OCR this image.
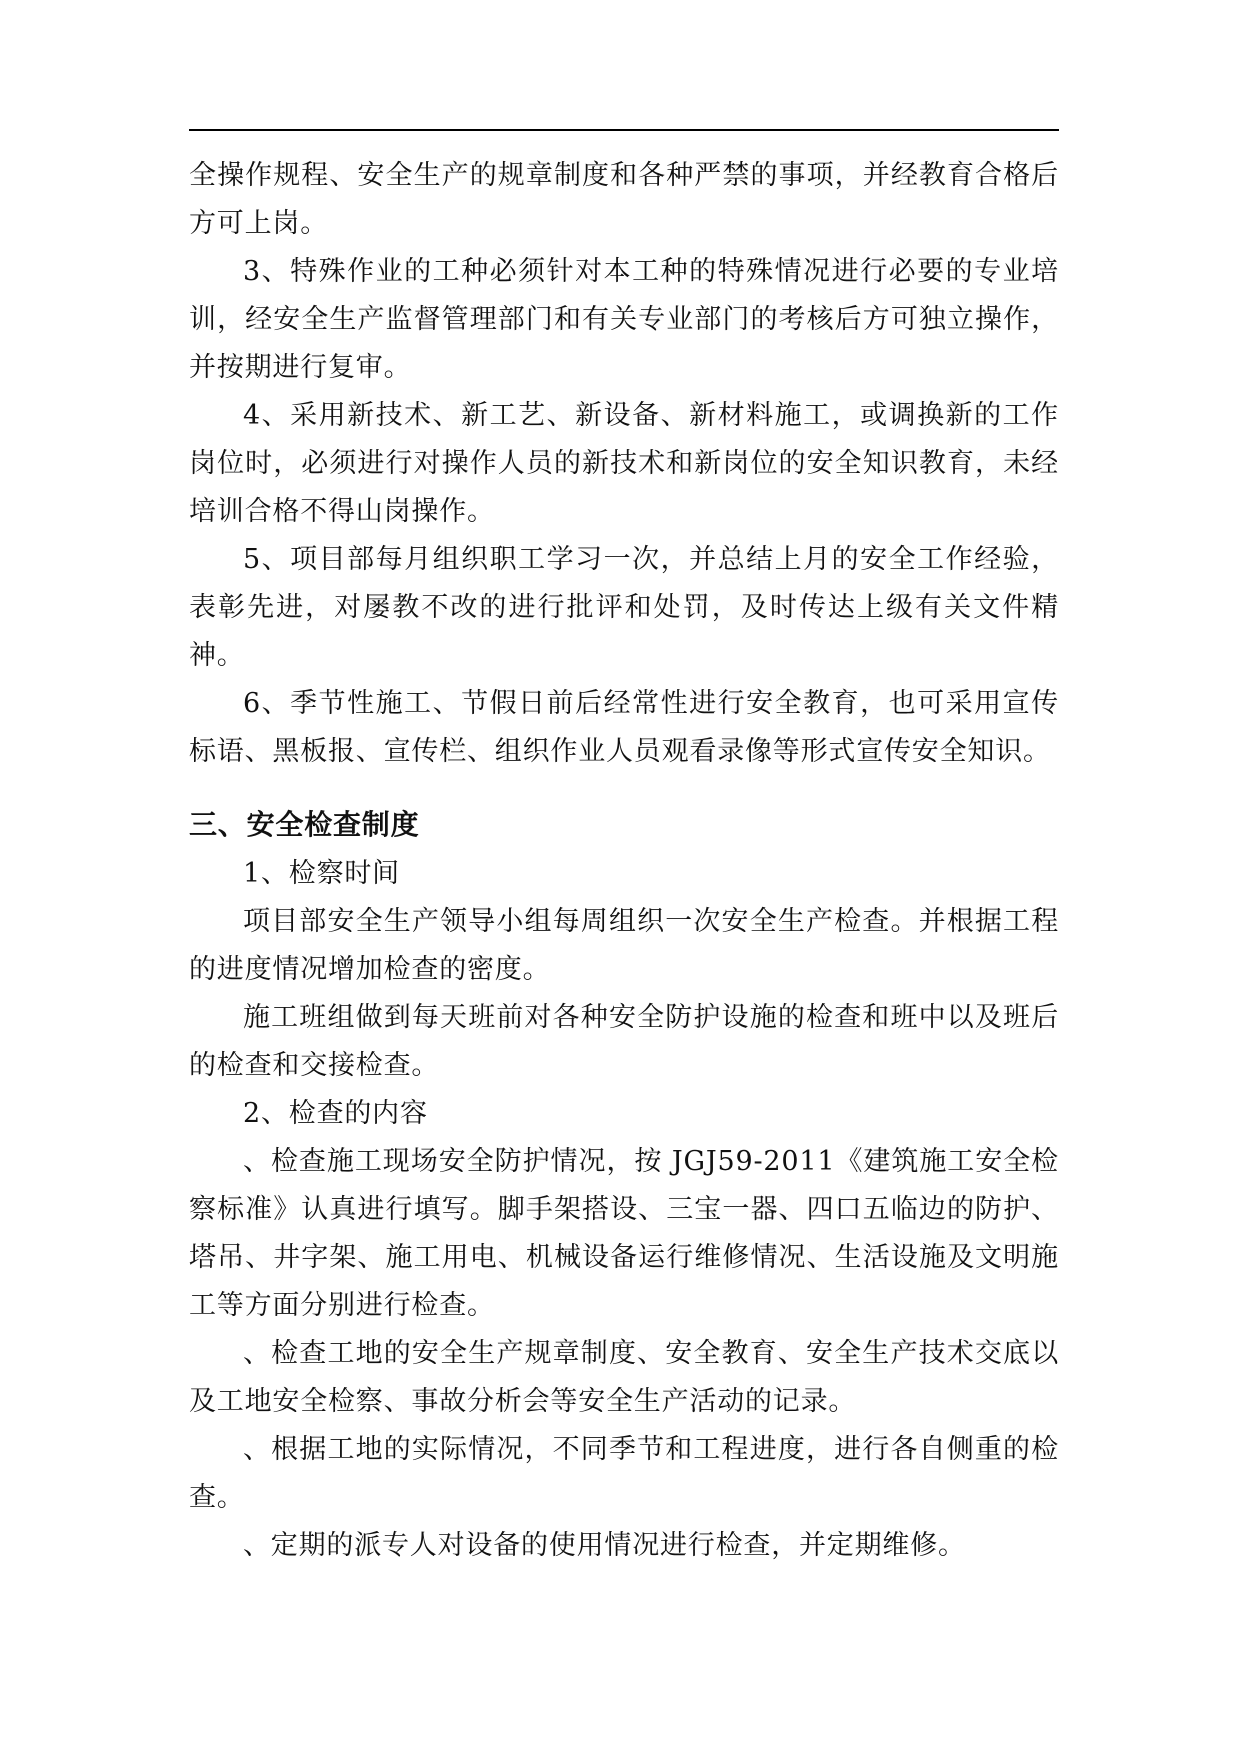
全操作规程、安全生产的规章制度和各种严禁的事项，并经教育合格后方可上岗。

3、特殊作业的工种必须针对本工种的特殊情况进行必要的专业培训，经安全生产监督管理部门和有关专业部门的考核后方可独立操作，并按期进行复审。

4、采用新技术、新工艺、新设备、新材料施工，或调换新的工作岗位时，必须进行对操作人员的新技术和新岗位的安全知识教育，未经培训合格不得山岗操作。

5、项目部每月组织职工学习一次，并总结上月的安全工作经验，表彰先进，对屡教不改的进行批评和处罚，及时传达上级有关文件精神。

6、季节性施工、节假日前后经常性进行安全教育，也可采用宣传标语、黑板报、宣传栏、组织作业人员观看录像等形式宣传安全知识。

三、安全检查制度

1、检察时间

项目部安全生产领导小组每周组织一次安全生产检查。并根据工程的进度情况增加检查的密度。

施工班组做到每天班前对各种安全防护设施的检查和班中以及班后的检查和交接检查。

2、检查的内容

、检查施工现场安全防护情况，按 JGJ59-2011《建筑施工安全检察标准》认真进行填写。脚手架搭设、三宝一器、四口五临边的防护、塔吊、井字架、施工用电、机械设备运行维修情况、生活设施及文明施工等方面分别进行检查。

、检查工地的安全生产规章制度、安全教育、安全生产技术交底以及工地安全检察、事故分析会等安全生产活动的记录。

、根据工地的实际情况，不同季节和工程进度，进行各自侧重的检查。

、定期的派专人对设备的使用情况进行检查，并定期维修。
